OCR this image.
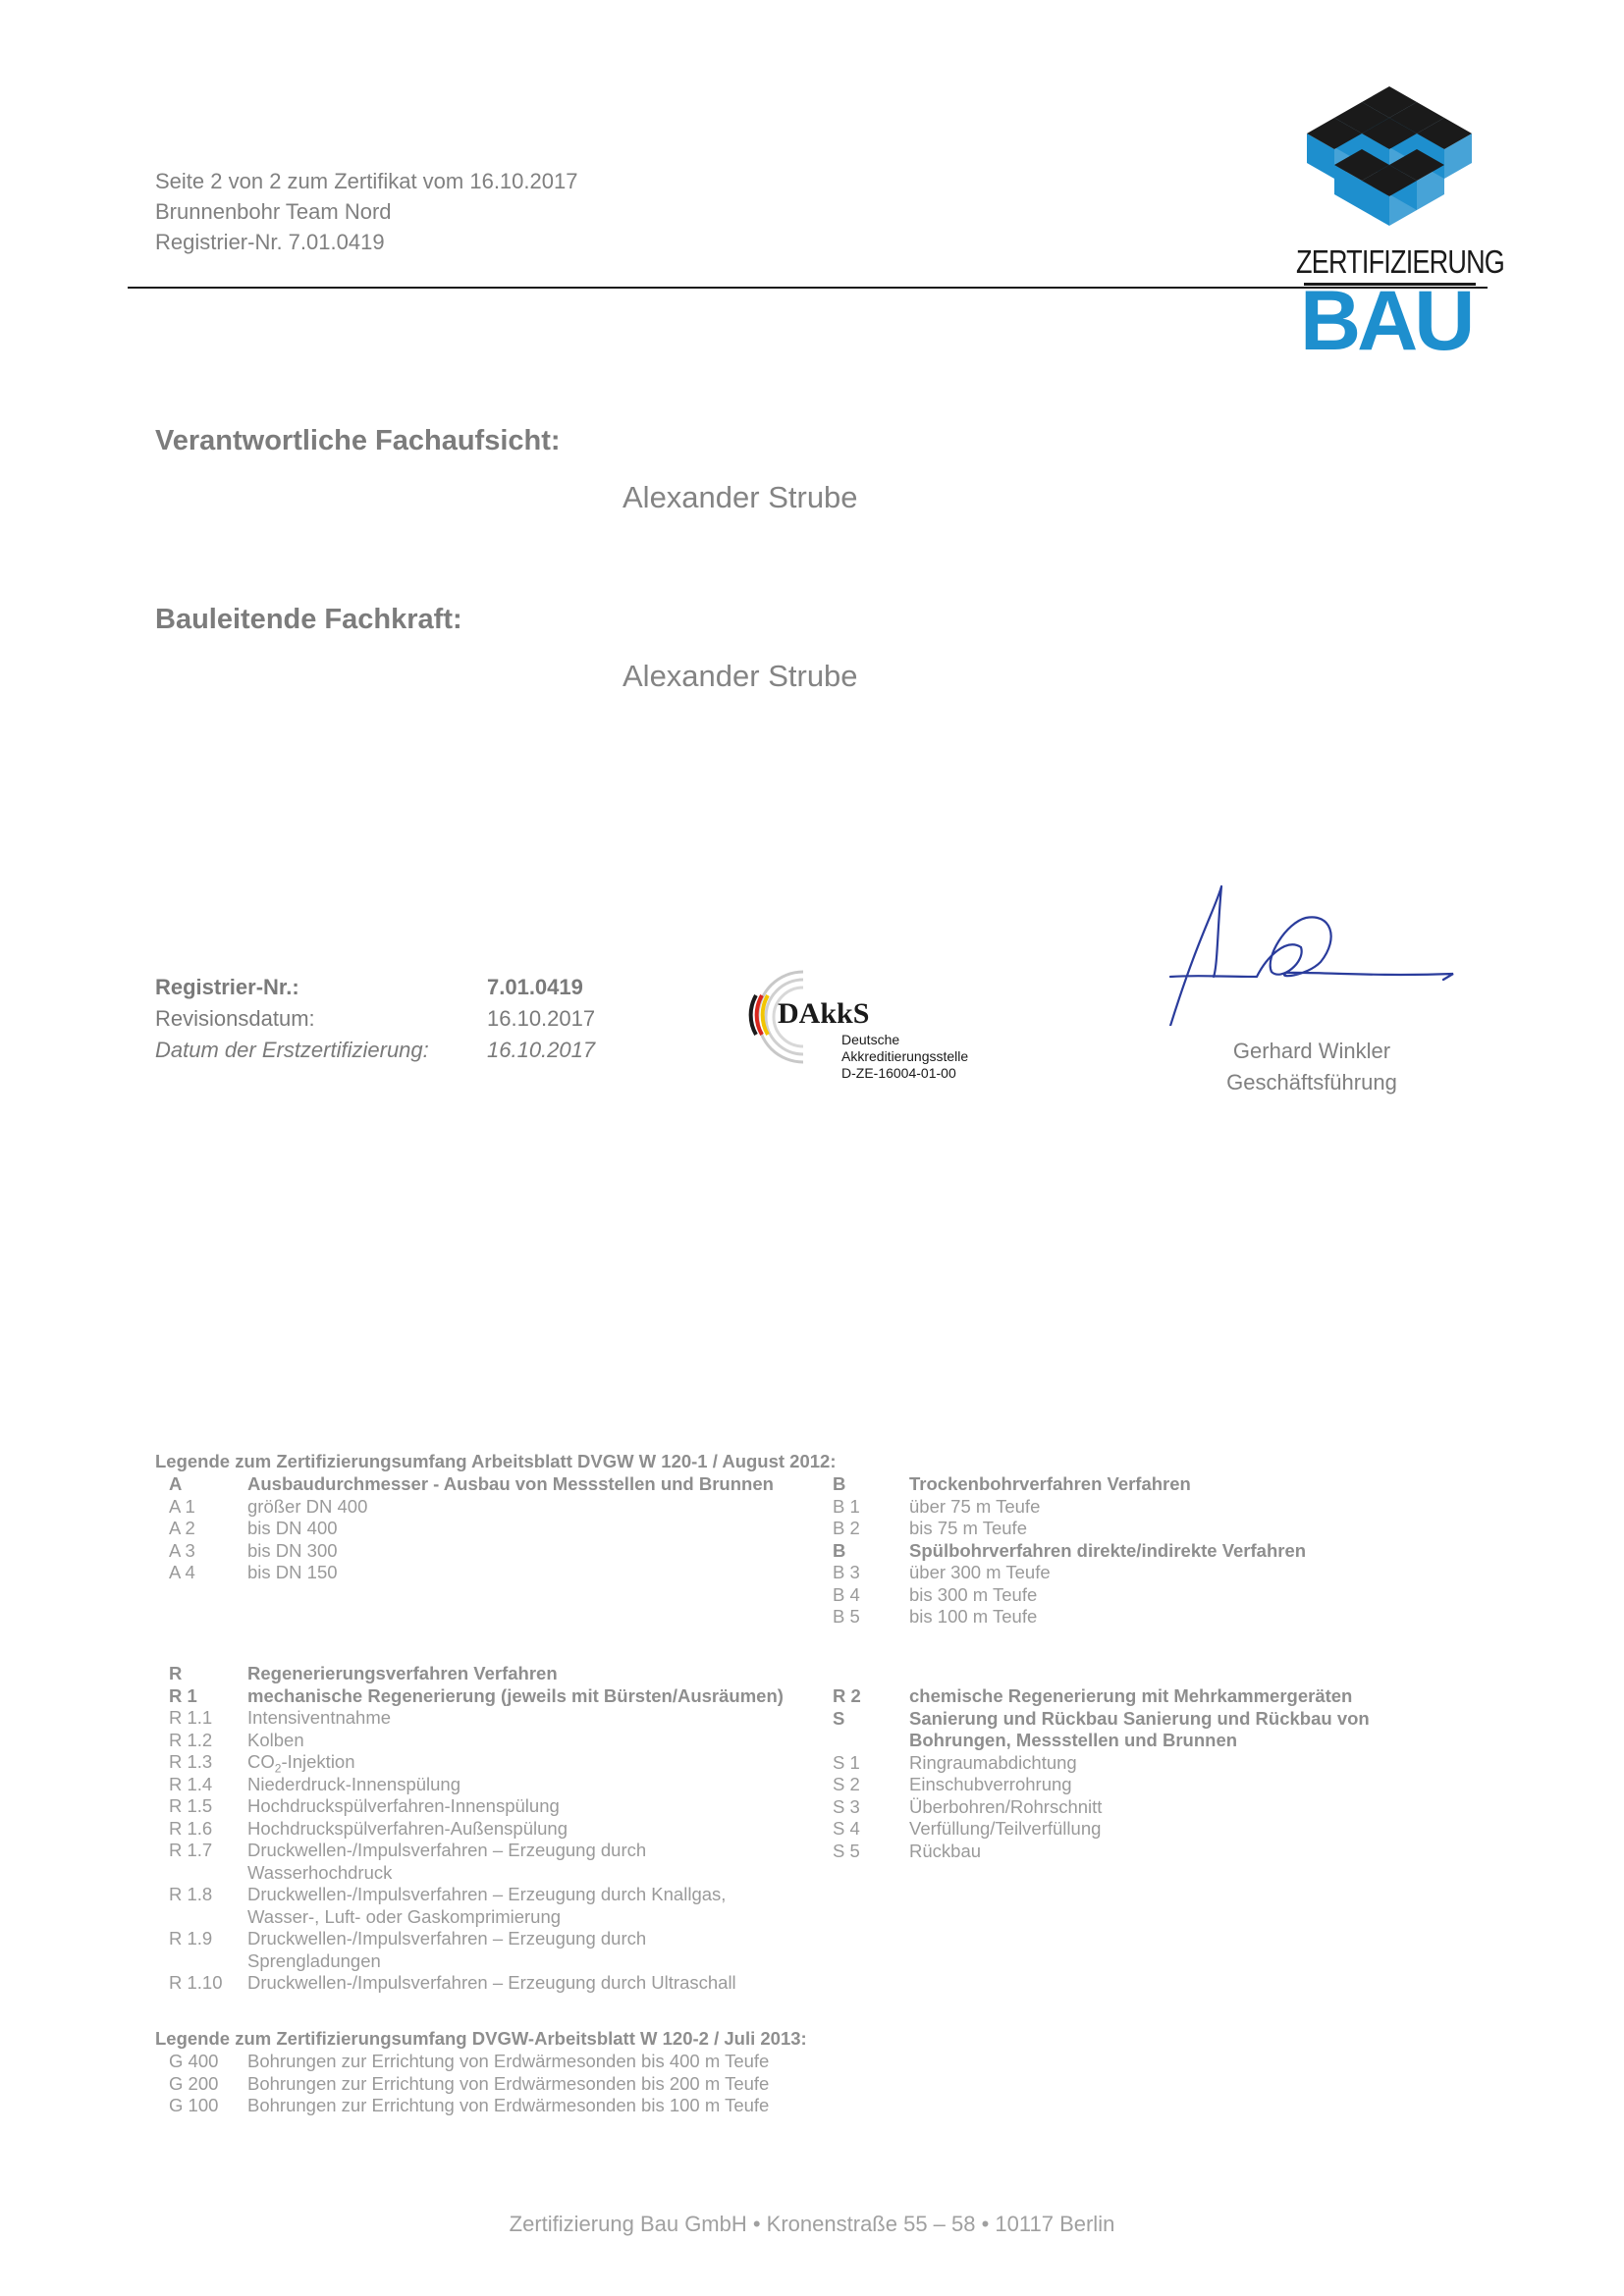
Seite 2 von 2 zum Zertifikat vom 16.10.2017
Brunnenbohr Team Nord
Registrier-Nr. 7.01.0419
ZERTIFIZIERUNG
BAU
Verantwortliche Fachaufsicht:
Alexander Strube
Bauleitende Fachkraft:
Alexander Strube
Registrier-Nr.:	7.01.0419
Revisionsdatum:	16.10.2017
Datum der Erstzertifizierung:	16.10.2017
DAkkS
Deutsche
Akkreditierungsstelle
D-ZE-16004-01-00
Gerhard Winkler
Geschäftsführung
Legende zum Zertifizierungsumfang Arbeitsblatt DVGW W 120-1 / August 2012:
A	Ausbaudurchmesser - Ausbau von Messstellen und Brunnen
A 1	größer DN 400
A 2	bis DN 400
A 3	bis DN 300
A 4	bis DN 150
B	Trockenbohrverfahren Verfahren
B 1	über 75 m Teufe
B 2	bis 75 m Teufe
B	Spülbohrverfahren direkte/indirekte Verfahren
B 3	über 300 m Teufe
B 4	bis 300 m Teufe
B 5	bis 100 m Teufe
R	Regenerierungsverfahren Verfahren
R 1	mechanische Regenerierung (jeweils mit Bürsten/Ausräumen)
R 1.1 Intensiventnahme
R 1.2 Kolben
R 1.3 $CO_2$-Injektion
R 1.4 Niederdruck-Innenspülung
R 1.5 Hochdruckspülverfahren-Innenspülung
R 1.6 Hochdruckspülverfahren-Außenspülung
R 1.7 Druckwellen-/Impulsverfahren – Erzeugung durch
Wasserhochdruck
R 1.8 Druckwellen-/Impulsverfahren – Erzeugung durch Knallgas,
Wasser-, Luft- oder Gaskomprimierung
R 1.9 Druckwellen-/Impulsverfahren – Erzeugung durch
Sprengladungen
R 1.10 Druckwellen-/Impulsverfahren – Erzeugung durch Ultraschall
R 2	chemische Regenerierung mit Mehrkammergeräten
S	Sanierung und Rückbau Sanierung und Rückbau von
Bohrungen, Messstellen und Brunnen
S 1	Ringraumabdichtung
S 2	Einschubverrohrung
S 3	Überbohren/Rohrschnitt
S 4	Verfüllung/Teilverfüllung
S 5	Rückbau
Legende zum Zertifizierungsumfang DVGW-Arbeitsblatt W 120-2 / Juli 2013:
G 400 Bohrungen zur Errichtung von Erdwärmesonden bis 400 m Teufe
G 200 Bohrungen zur Errichtung von Erdwärmesonden bis 200 m Teufe
G 100 Bohrungen zur Errichtung von Erdwärmesonden bis 100 m Teufe
Zertifizierung Bau GmbH • Kronenstraße 55 – 58 • 10117 Berlin
